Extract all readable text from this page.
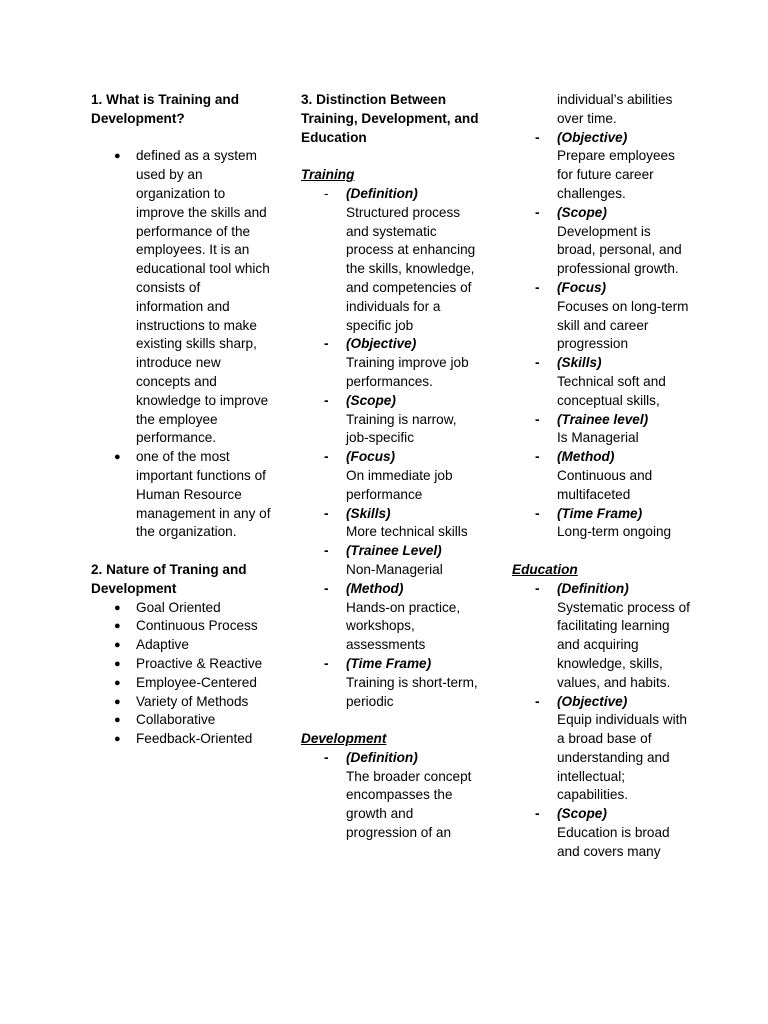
1. What is Training and Development?

● defined as a system used by an organization to improve the skills and performance of the employees. It is an educational tool which consists of information and instructions to make existing skills sharp, introduce new concepts and knowledge to improve the employee performance.
● one of the most important functions of Human Resource management in any of the organization.

2. Nature of Traning and Development

● Goal Oriented
● Continuous Process
● Adaptive
● Proactive & Reactive
● Employee-Centered
● Variety of Methods
● Collaborative
● Feedback-Oriented

3. Distinction Between Training, Development, and Education

Training
- (Definition)
Structured process and systematic process at enhancing the skills, knowledge, and competencies of individuals for a specific job
- (Objective)
Training improve job performances.
- (Scope)
Training is narrow, job-specific
- (Focus)
On immediate job performance
- (Skills)
More technical skills
- (Trainee Level)
Non-Managerial
- (Method)
Hands-on practice, workshops, assessments
- (Time Frame)
Training is short-term, periodic
Development
- (Definition)
The broader concept encompasses the growth and progression of an
individual’s abilities over time.
- (Objective)
Prepare employees for future career challenges.
- (Scope)
Development is broad, personal, and professional growth.
- (Focus)
Focuses on long-term skill and career progression
- (Skills)
Technical soft and conceptual skills,
- (Trainee level)
Is Managerial
- (Method)
Continuous and multifaceted
- (Time Frame)
Long-term ongoing
Education
- (Definition)
Systematic process of facilitating learning and acquiring knowledge, skills, values, and habits.
- (Objective)
Equip individuals with a broad base of understanding and intellectual; capabilities.
- (Scope)
Education is broad and covers many
